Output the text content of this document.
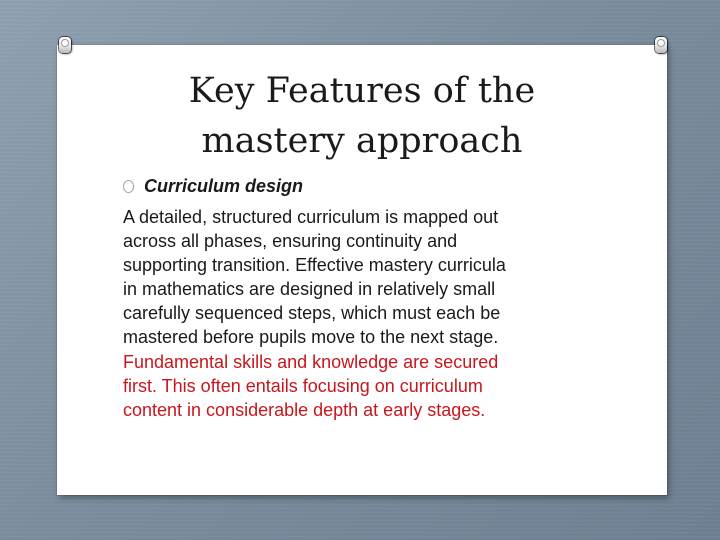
Key Features of the
mastery approach
Curriculum design

A detailed, structured curriculum is mapped out
across all phases, ensuring continuity and
supporting transition. Effective mastery curricula
in mathematics are designed in relatively small
carefully sequenced steps, which must each be
mastered before pupils move to the next stage.
Fundamental skills and knowledge are secured
first. This often entails focusing on curriculum
content in considerable depth at early stages.
